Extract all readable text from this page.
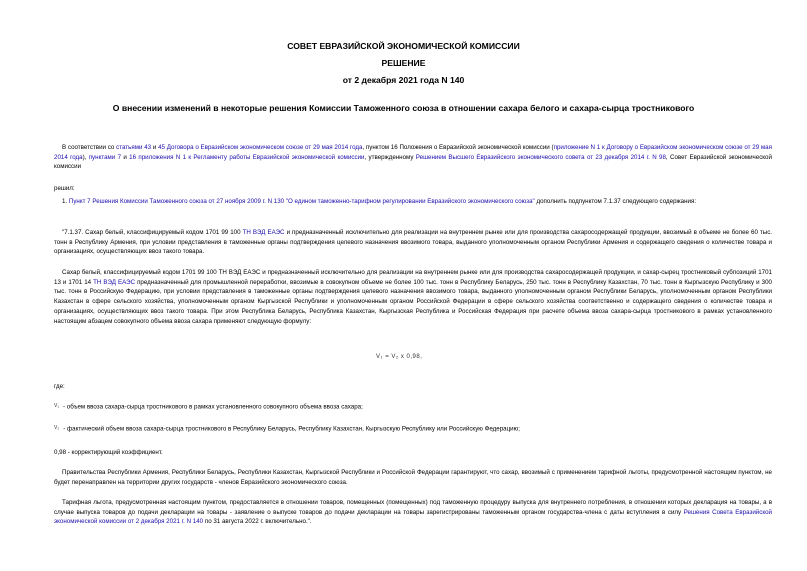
СОВЕТ ЕВРАЗИЙСКОЙ ЭКОНОМИЧЕСКОЙ КОМИССИИ
РЕШЕНИЕ
от 2 декабря 2021 года N 140
О внесении изменений в некоторые решения Комиссии Таможенного союза в отношении сахара белого и сахара-сырца тростникового
В соответствии со статьями 43 и 45 Договора о Евразийском экономическом союзе от 29 мая 2014 года, пунктом 16 Положения о Евразийской экономической комиссии (приложение N 1 к Договору о Евразийском экономическом союзе от 29 мая 2014 года), пунктами 7 и 16 приложения N 1 к Регламенту работы Евразийской экономической комиссии, утвержденному Решением Высшего Евразийского экономического совета от 23 декабря 2014 г. N 98, Совет Евразийской экономической комиссии
решил:
1. Пункт 7 Решения Комиссии Таможенного союза от 27 ноября 2009 г. N 130 "О едином таможенно-тарифном регулировании Евразийского экономического союза" дополнить подпунктом 7.1.37 следующего содержания:
"7.1.37. Сахар белый, классифицируемый кодом 1701 99 100 ТН ВЭД ЕАЭС и предназначенный исключительно для реализации на внутреннем рынке или для производства сахаросодержащей продукции, ввозимый в объеме не более 60 тыс. тонн в Республику Армения, при условии представления в таможенные органы подтверждения целевого назначения ввозимого товара, выданного уполномоченным органом Республики Армения и содержащего сведения о количестве товара и организациях, осуществляющих ввоз такого товара.
Сахар белый, классифицируемый кодом 1701 99 100 ТН ВЭД ЕАЭС и предназначенный исключительно для реализации на внутреннем рынке или для производства сахаросодержащей продукции, и сахар-сырец тростниковый субпозиций 1701 13 и 1701 14 ТН ВЭД ЕАЭС предназначенный для промышленной переработки, ввозимые в совокупном объеме не более 100 тыс. тонн в Республику Беларусь, 250 тыс. тонн в Республику Казахстан, 70 тыс. тонн в Кыргызскую Республику и 300 тыс. тонн в Российскую Федерацию, при условии представления в таможенные органы подтверждения целевого назначения ввозимого товара, выданного уполномоченным органом Республики Беларусь, уполномоченным органом Республики Казахстан в сфере сельского хозяйства, уполномоченным органом Кыргызской Республики и уполномоченным органом Российской Федерации в сфере сельского хозяйства соответственно и содержащего сведения о количестве товара и организациях, осуществляющих ввоз такого товара. При этом Республика Беларусь, Республика Казахстан, Кыргызская Республика и Российская Федерация при расчете объема ввоза сахара-сырца тростникового в рамках установленного настоящим абзацем совокупного объема ввоза сахара применяют следующую формулу:
V₁ = V₂ x 0,98,
где:
V₁ - объем ввоза сахара-сырца тростникового в рамках установленного совокупного объема ввоза сахара;
V₂ - фактический объем ввоза сахара-сырца тростникового в Республику Беларусь, Республику Казахстан, Кыргызскую Республику или Российскую Федерацию;
0,98 - корректирующий коэффициент.
Правительства Республики Армения, Республики Беларусь, Республики Казахстан, Кыргызской Республики и Российской Федерации гарантируют, что сахар, ввозимый с применением тарифной льготы, предусмотренной настоящим пунктом, не будет перенаправлен на территории других государств - членов Евразийского экономического союза.
Тарифная льгота, предусмотренная настоящим пунктом, предоставляется в отношении товаров, помещенных (помещенных) под таможенную процедуру выпуска для внутреннего потребления, в отношении которых декларация на товары, а в случае выпуска товаров до подачи декларации на товары - заявление о выпуске товаров до подачи декларации на товары зарегистрированы таможенным органом государства-члена с даты вступления в силу Решения Совета Евразийской экономической комиссии от 2 декабря 2021 г. N 140 по 31 августа 2022 г. включительно.".
